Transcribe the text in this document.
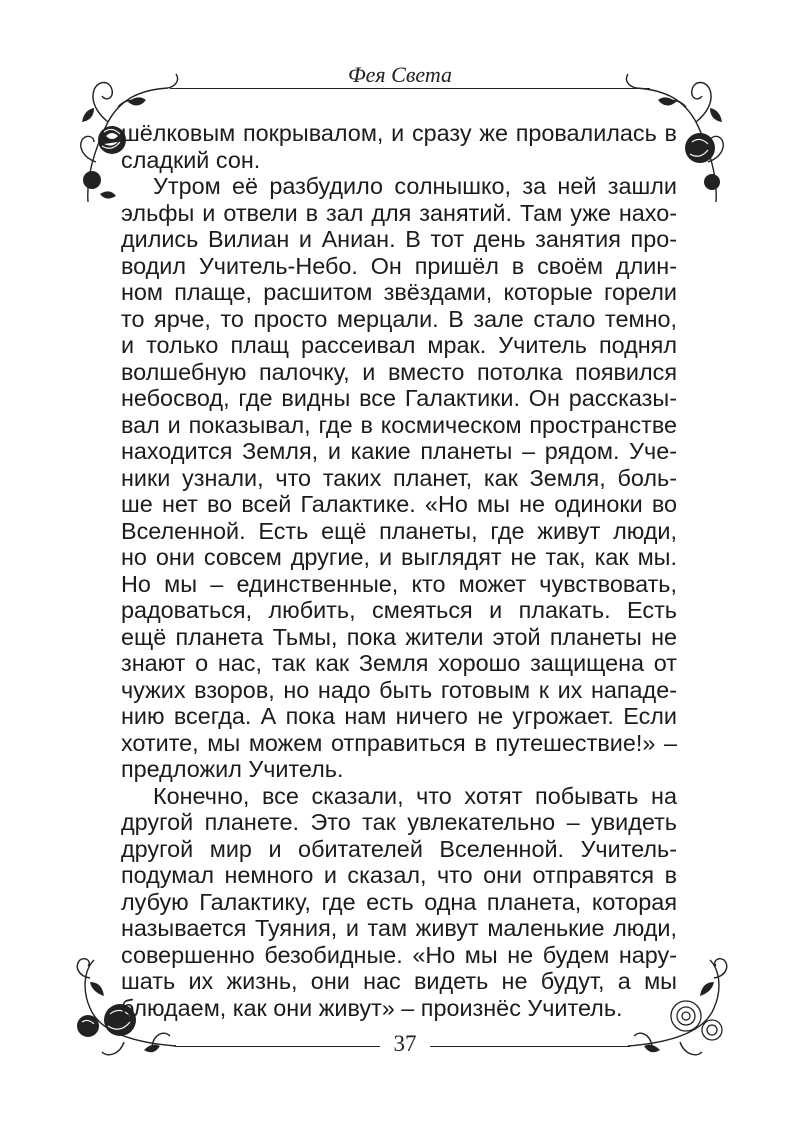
Фея Света
шёлковым покрывалом, и сразу же провалилась в
сладкий сон.
Утром её разбудило солнышко, за ней зашли
эльфы и отвели в зал для занятий. Там уже нахо-
дились Вилиан и Аниан. В тот день занятия про-
водил Учитель-Небо. Он пришёл в своём длин-
ном плаще, расшитом звёздами, которые горели
то ярче, то просто мерцали. В зале стало темно,
и только плащ рассеивал мрак. Учитель поднял
волшебную палочку, и вместо потолка появился
небосвод, где видны все Галактики. Он рассказы-
вал и показывал, где в космическом пространстве
находится Земля, и какие планеты – рядом. Уче-
ники узнали, что таких планет, как Земля, боль-
ше нет во всей Галактике. «Но мы не одиноки во
Вселенной. Есть ещё планеты, где живут люди,
но они совсем другие, и выглядят не так, как мы.
Но мы – единственные, кто может чувствовать,
радоваться, любить, смеяться и плакать. Есть
ещё планета Тьмы, пока жители этой планеты не
знают о нас, так как Земля хорошо защищена от
чужих взоров, но надо быть готовым к их нападе-
нию всегда. А пока нам ничего не угрожает. Если
хотите, мы можем отправиться в путешествие!» –
предложил Учитель.
Конечно, все сказали, что хотят побывать на
другой планете. Это так увлекательно – увидеть
другой мир и обитателей Вселенной. Учитель-
подумал немного и сказал, что они отправятся в
лубую Галактику, где есть одна планета, которая
называется Туяния, и там живут маленькие люди,
совершенно безобидные. «Но мы не будем нару-
шать их жизнь, они нас видеть не будут, а мы
блюдаем, как они живут» – произнёс Учитель.
37
